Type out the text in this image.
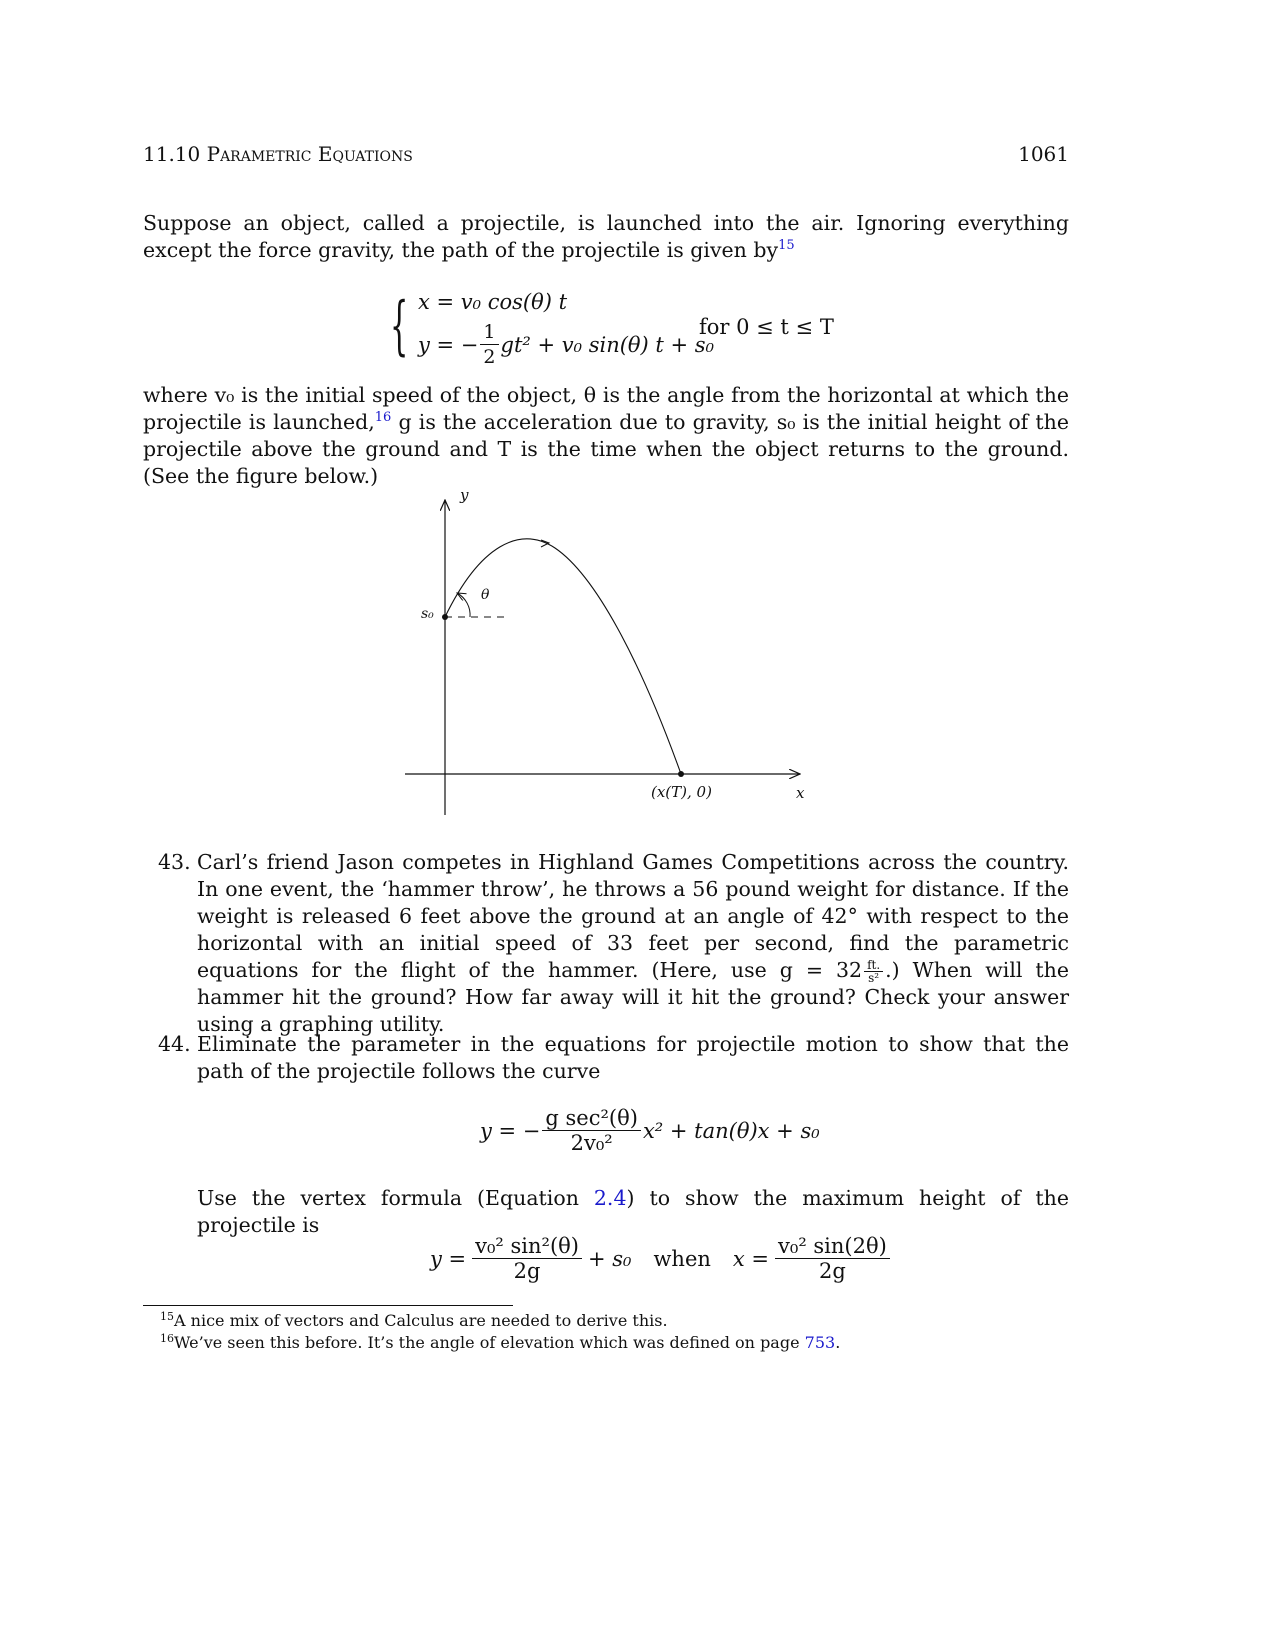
11.10 Parametric Equations	1061
Suppose an object, called a projectile, is launched into the air. Ignoring everything except the force gravity, the path of the projectile is given $by^{15}$
{ x = v₀ cos(θ) t
y = − $\frac{1}{2} gt^2 + v_0$ sin(θ) t + s₀
for 0 ≤ t ≤ T
where v₀ is the initial speed of the object, θ is the angle from the horizontal at which the projectile is launched,$^{16}$ g is the acceleration due to gravity, s₀ is the initial height of the projectile above the ground and T is the time when the object returns to the ground. (See the figure below.)
y
x
s₀
θ
(x(T), 0)
43. Carl’s friend Jason competes in Highland Games Competitions across the country. In one event, the ‘hammer throw’, he throws a 56 pound weight for distance. If the weight is released 6 feet above the ground at an angle of 42° with respect to the horizontal with an initial speed of 33 feet per second, find the parametric equations for the flight of the hammer. (Here, use $g = 32 \frac{ft.}{\text{s²}}$ .) When will the hammer hit the ground? How far away will it hit the ground? Check your answer using a graphing utility.
44. Eliminate the parameter in the equations for projectile motion to show that the path of the projectile follows the curve
y = − $\frac{\text{g sec²(θ)}}{\text{2v₀²}} x^2 + \tan(\theta)x + s_0$
Use the vertex formula (Equation 2.4) to show the maximum height of the projectile is
$y = \frac{\text{v₀² sin²(θ)}}{2g} + s_0$ when $x = \frac{\text{v₀² sin(2θ)}}{2g}$
$^{15}$A nice mix of vectors and Calculus are needed to derive this.
$^{16}$We’ve seen this before. It’s the angle of elevation which was defined on page 753.
